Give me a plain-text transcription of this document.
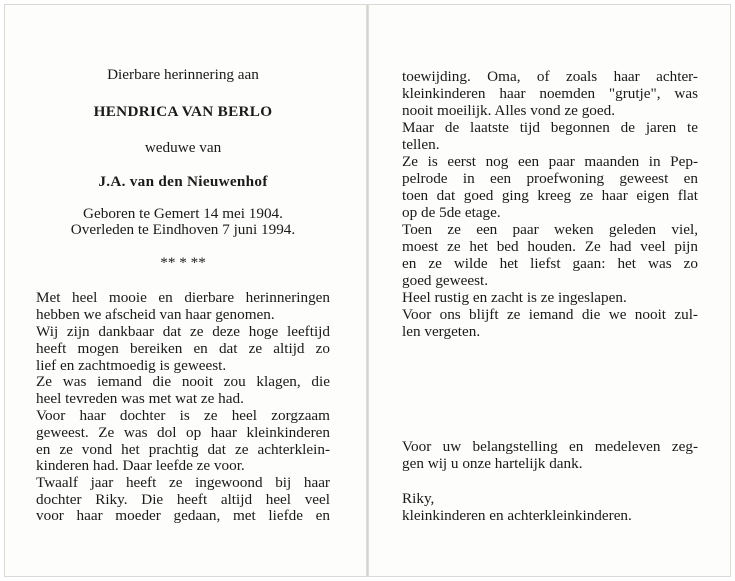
Dierbare herinnering aan
HENDRICA VAN BERLO
weduwe van
J.A. van den Nieuwenhof
Geboren te Gemert 14 mei 1904.
Overleden te Eindhoven 7 juni 1994.
** * **
Met heel mooie en dierbare herinneringen
hebben we afscheid van haar genomen.
Wij zijn dankbaar dat ze deze hoge leeftijd
heeft mogen bereiken en dat ze altijd zo
lief en zachtmoedig is geweest.
Ze was iemand die nooit zou klagen, die
heel tevreden was met wat ze had.
Voor haar dochter is ze heel zorgzaam
geweest. Ze was dol op haar kleinkinderen
en ze vond het prachtig dat ze achterklein-
kinderen had. Daar leefde ze voor.
Twaalf jaar heeft ze ingewoond bij haar
dochter Riky. Die heeft altijd heel veel
voor haar moeder gedaan, met liefde en
toewijding. Oma, of zoals haar achter-
kleinkinderen haar noemden "grutje", was
nooit moeilijk. Alles vond ze goed.
Maar de laatste tijd begonnen de jaren te
tellen.
Ze is eerst nog een paar maanden in Pep-
pelrode in een proefwoning geweest en
toen dat goed ging kreeg ze haar eigen flat
op de 5de etage.
Toen ze een paar weken geleden viel,
moest ze het bed houden. Ze had veel pijn
en ze wilde het liefst gaan: het was zo
goed geweest.
Heel rustig en zacht is ze ingeslapen.
Voor ons blijft ze iemand die we nooit zul-
len vergeten.
Voor uw belangstelling en medeleven zeg-
gen wij u onze hartelijk dank.
Riky,
kleinkinderen en achterkleinkinderen.
